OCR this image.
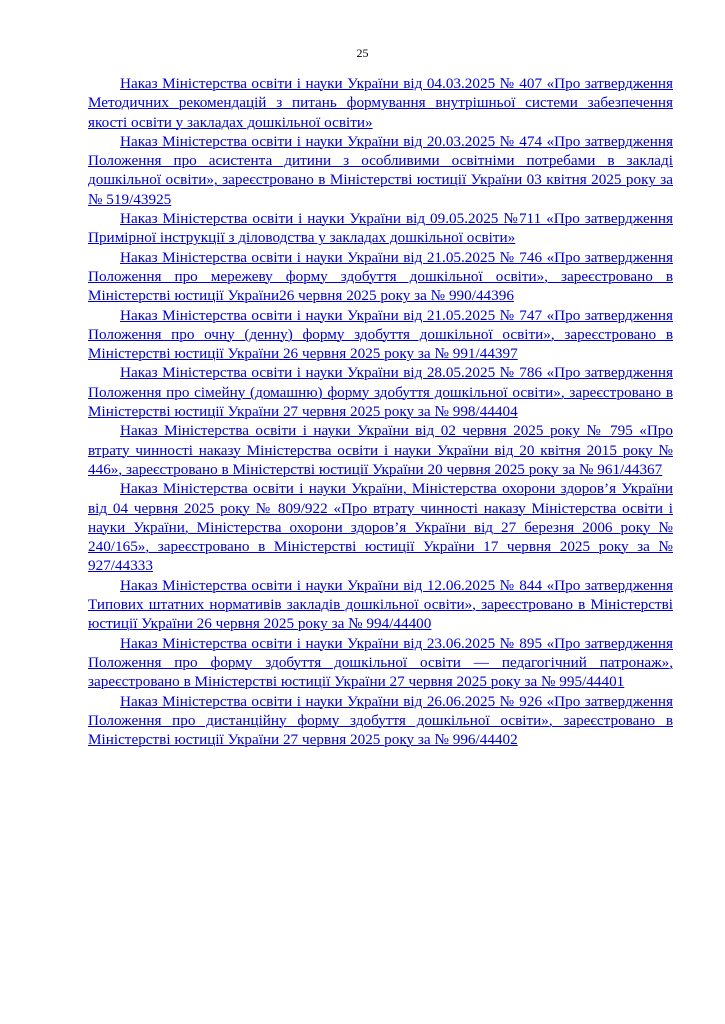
25
Наказ Міністерства освіти і науки України від 04.03.2025 № 407 «Про затвердження Методичних рекомендацій з питань формування внутрішньої системи забезпечення якості освіти у закладах дошкільної освіти»
Наказ Міністерства освіти і науки України від 20.03.2025 № 474 «Про затвердження Положення про асистента дитини з особливими освітніми потребами в закладі дошкільної освіти», зареєстровано в Міністерстві юстиції України 03 квітня 2025 року за № 519/43925
Наказ Міністерства освіти і науки України від 09.05.2025 №711 «Про затвердження Примірної інструкції з діловодства у закладах дошкільної освіти»
Наказ Міністерства освіти і науки України від 21.05.2025 № 746 «Про затвердження Положення про мережеву форму здобуття дошкільної освіти», зареєстровано в Міністерстві юстиції України26 червня 2025 року за № 990/44396
Наказ Міністерства освіти і науки України від 21.05.2025 № 747 «Про затвердження Положення про очну (денну) форму здобуття дошкільної освіти», зареєстровано в Міністерстві юстиції України 26 червня 2025 року за № 991/44397
Наказ Міністерства освіти і науки України від 28.05.2025 № 786 «Про затвердження Положення про сімейну (домашню) форму здобуття дошкільної освіти», зареєстровано в Міністерстві юстиції України 27 червня 2025 року за № 998/44404
Наказ Міністерства освіти і науки України від 02 червня 2025 року № 795 «Про втрату чинності наказу Міністерства освіти і науки України від 20 квітня 2015 року № 446», зареєстровано в Міністерстві юстиції України 20 червня 2025 року за № 961/44367
Наказ Міністерства освіти і науки України, Міністерства охорони здоров’я України від 04 червня 2025 року № 809/922 «Про втрату чинності наказу Міністерства освіти і науки України, Міністерства охорони здоров’я України від 27 березня 2006 року № 240/165», зареєстровано в Міністерстві юстиції України 17 червня 2025 року за № 927/44333
Наказ Міністерства освіти і науки України від 12.06.2025 № 844 «Про затвердження Типових штатних нормативів закладів дошкільної освіти», зареєстровано в Міністерстві юстиції України 26 червня 2025 року за № 994/44400
Наказ Міністерства освіти і науки України від 23.06.2025 № 895 «Про затвердження Положення про форму здобуття дошкільної освіти — педагогічний патронаж», зареєстровано в Міністерстві юстиції України 27 червня 2025 року за № 995/44401
Наказ Міністерства освіти і науки України від 26.06.2025 № 926 «Про затвердження Положення про дистанційну форму здобуття дошкільної освіти», зареєстровано в Міністерстві юстиції України 27 червня 2025 року за № 996/44402
